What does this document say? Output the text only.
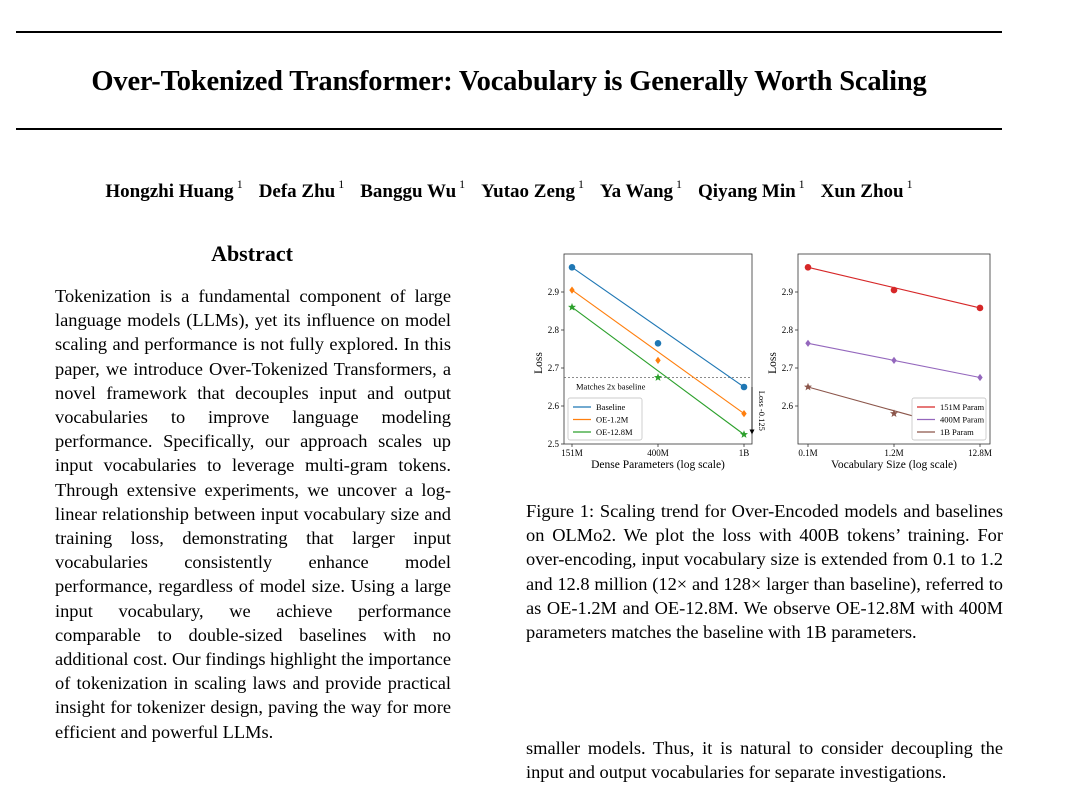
Over-Tokenized Transformer: Vocabulary is Generally Worth Scaling
Hongzhi Huang $^1$ Defa Zhu $^1$ Banggu Wu $^1$ Yutao Zeng $^1$ Ya Wang $^1$ Qiyang Min $^1$ Xun Zhou $^1$
Abstract

Tokenization is a fundamental component of large language models (LLMs), yet its influence on model scaling and performance is not fully explored. In this paper, we introduce Over-Tokenized Transformers, a novel framework that decouples input and output vocabularies to improve language modeling performance. Specifically, our approach scales up input vocabularies to leverage multi-gram tokens. Through extensive experiments, we uncover a log-linear relationship between input vocabulary size and training loss, demonstrating that larger input vocabularies consistently enhance model performance, regardless of model size. Using a large input vocabulary, we achieve performance comparable to double-sized baselines with no additional cost. Our findings highlight the importance of tokenization in scaling laws and provide practical insight for tokenizer design, paving the way for more efficient and powerful LLMs.

2.5
2.6
2.7
2.8
2.9
151M	400M	1B
Dense Parameters (log scale)
Loss
Matches 2x baseline
Loss -0.125
Baseline
OE-1.2M
OE-12.8M
2.6
2.7
2.8
2.9
0.1M	1.2M	12.8M
Vocabulary Size (log scale)
Loss
151M Param
400M Param
1B Param

Figure 1: Scaling trend for Over-Encoded models and baselines on OLMo2. We plot the loss with 400B tokens’ training. For over-encoding, input vocabulary size is extended from 0.1 to 1.2 and 12.8 million (12× and 128× larger than baseline), referred to as OE-1.2M and OE-12.8M. We observe OE-12.8M with 400M parameters matches the baseline with 1B parameters.

smaller models. Thus, it is natural to consider decoupling the input and output vocabularies for separate investigations.
